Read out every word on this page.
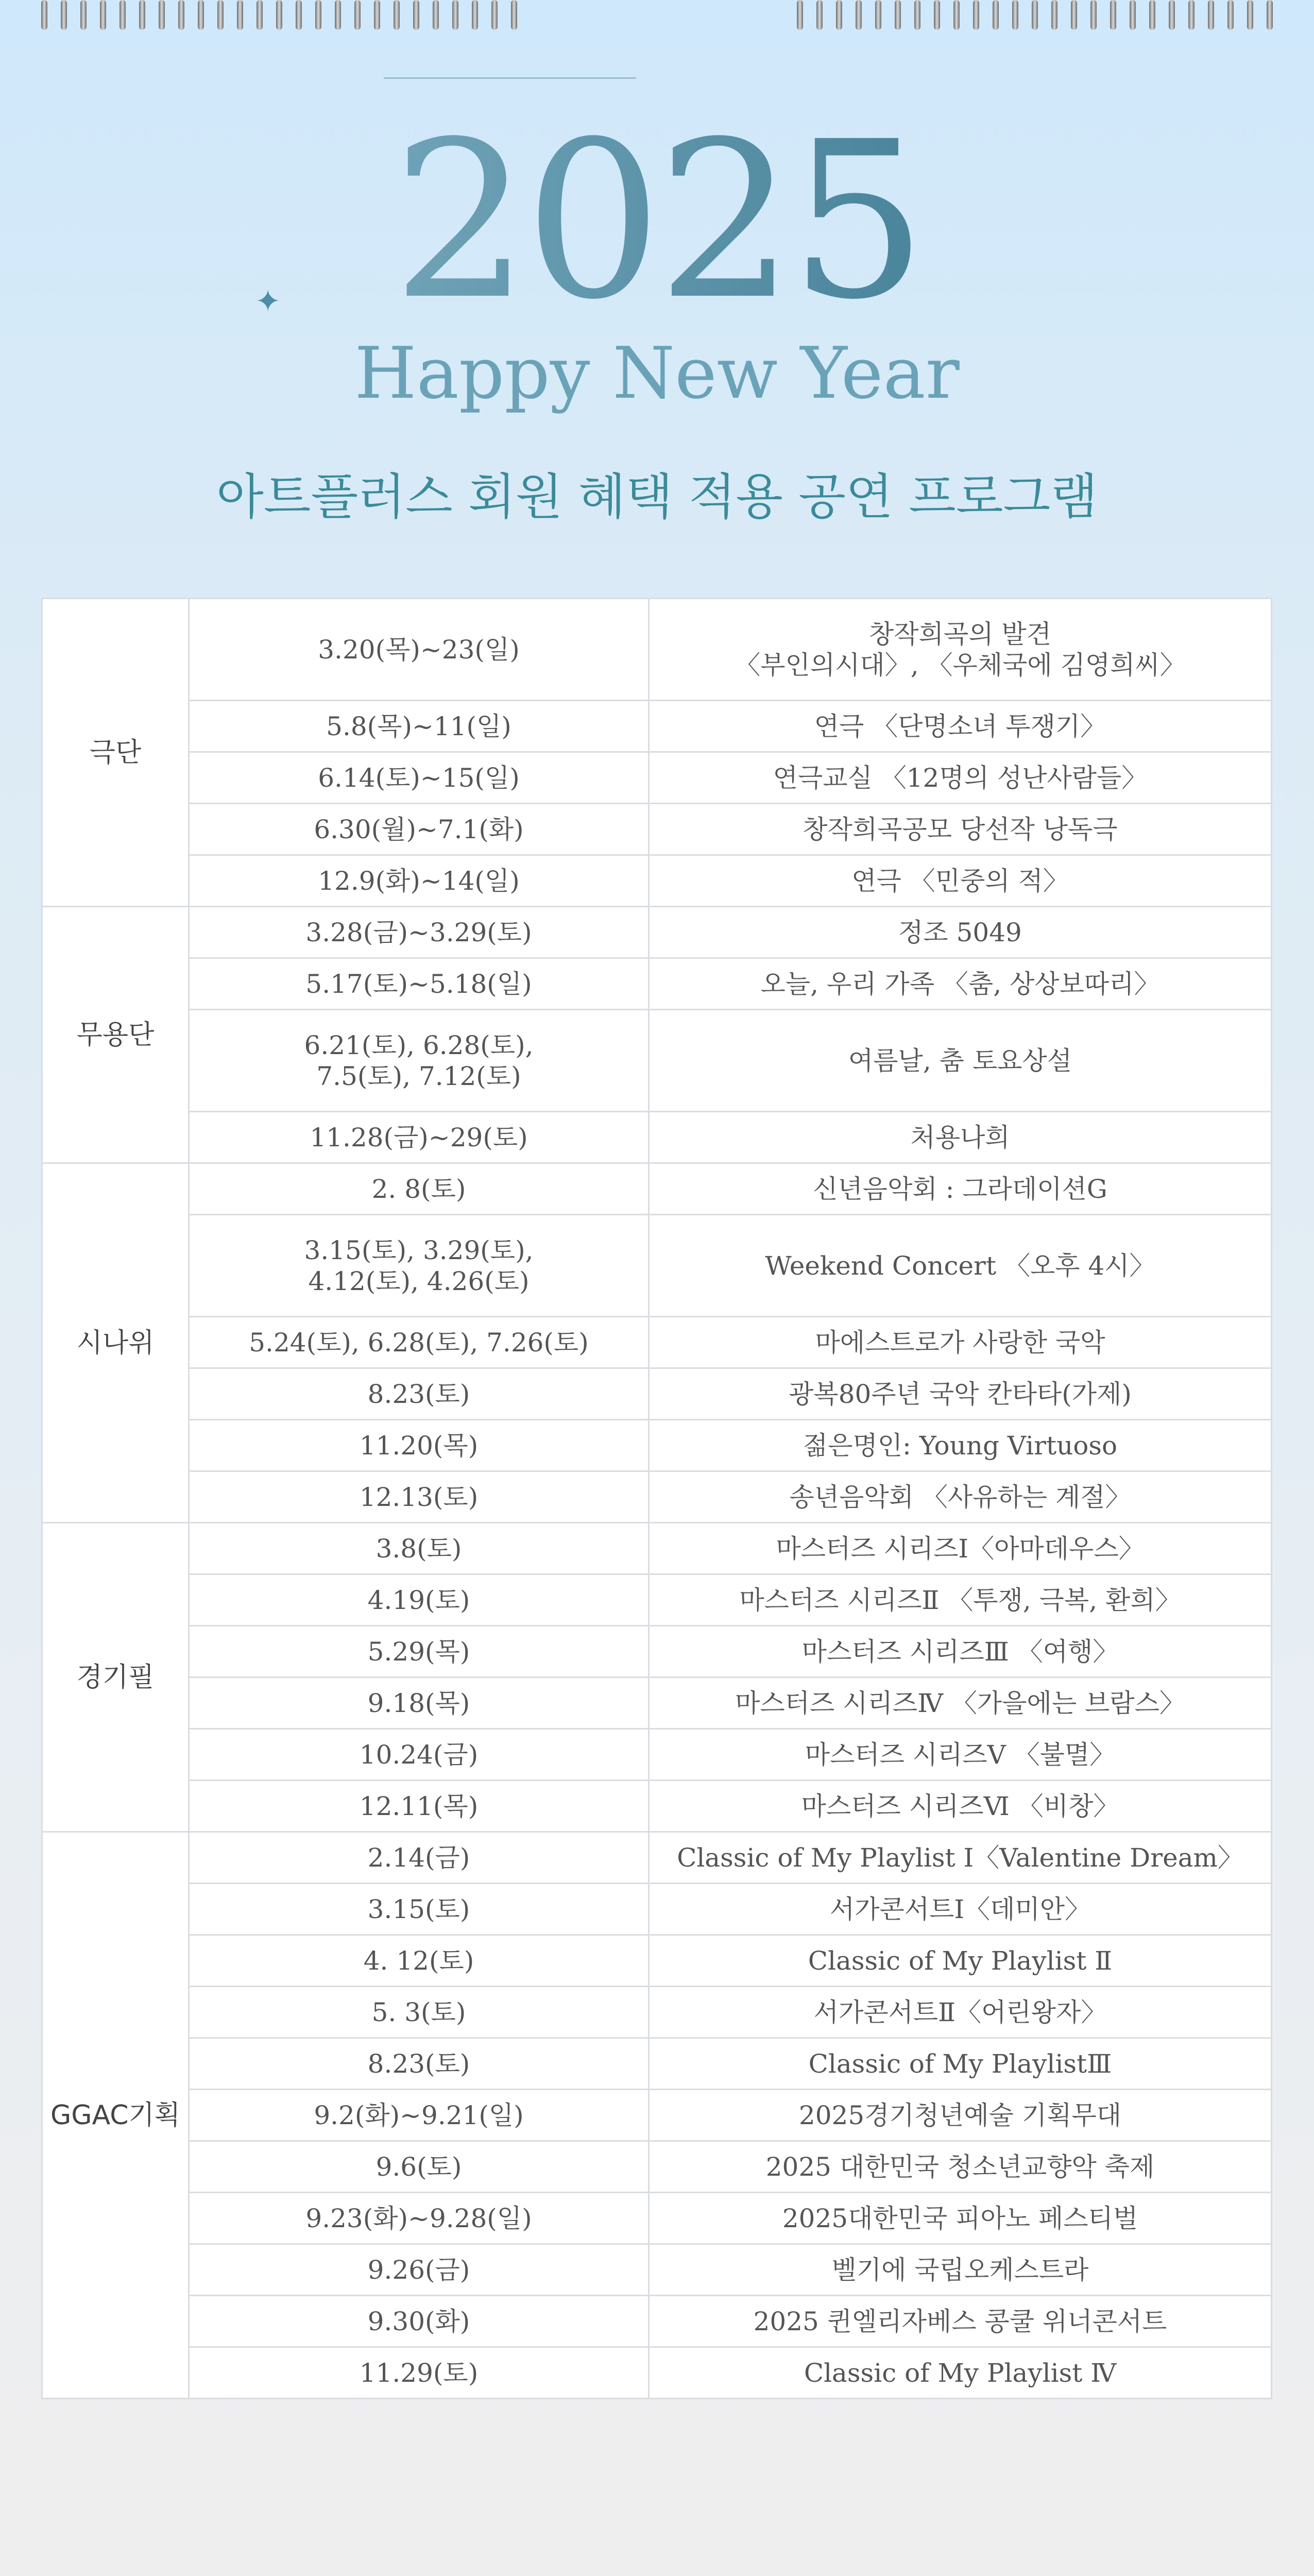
2025
✦
Happy New Year
아트플러스 회원 혜택 적용 공연 프로그램
극단	3.20(목)~23(일)	창작희곡의 발견
〈부인의시대〉, 〈우체국에 김영희씨〉
	5.8(목)~11(일)	연극 〈단명소녀 투쟁기〉
	6.14(토)~15(일)	연극교실 〈12명의 성난사람들〉
	6.30(월)~7.1(화)	창작희곡공모 당선작 낭독극
	12.9(화)~14(일)	연극 〈민중의 적〉
무용단	3.28(금)~3.29(토)	정조 5049
	5.17(토)~5.18(일)	오늘, 우리 가족 〈춤, 상상보따리〉
	6.21(토), 6.28(토),
7.5(토), 7.12(토)	여름날, 춤 토요상설
	11.28(금)~29(토)	처용나희
시나위	2. 8(토)	신년음악회 : 그라데이션G
	3.15(토), 3.29(토),
4.12(토), 4.26(토)	Weekend Concert 〈오후 4시〉
	5.24(토), 6.28(토), 7.26(토)	마에스트로가 사랑한 국악
	8.23(토)	광복80주년 국악 칸타타(가제)
	11.20(목)	젊은명인: Young Virtuoso
	12.13(토)	송년음악회 〈사유하는 계절〉
경기필	3.8(토)	마스터즈 시리즈Ⅰ〈아마데우스〉
	4.19(토)	마스터즈 시리즈Ⅱ 〈투쟁, 극복, 환희〉
	5.29(목)	마스터즈 시리즈Ⅲ 〈여행〉
	9.18(목)	마스터즈 시리즈Ⅳ 〈가을에는 브람스〉
	10.24(금)	마스터즈 시리즈Ⅴ 〈불멸〉
	12.11(목)	마스터즈 시리즈Ⅵ 〈비창〉
GGAC기획	2.14(금)	Classic of My Playlist Ⅰ〈Valentine Dream〉
	3.15(토)	서가콘서트Ⅰ〈데미안〉
	4. 12(토)	Classic of My Playlist Ⅱ
	5. 3(토)	서가콘서트Ⅱ〈어린왕자〉
	8.23(토)	Classic of My PlaylistⅢ
	9.2(화)~9.21(일)	2025경기청년예술 기획무대
	9.6(토)	2025 대한민국 청소년교향악 축제
	9.23(화)~9.28(일)	2025대한민국 피아노 페스티벌
	9.26(금)	벨기에 국립오케스트라
	9.30(화)	2025 퀸엘리자베스 콩쿨 위너콘서트
	11.29(토)	Classic of My Playlist Ⅳ
